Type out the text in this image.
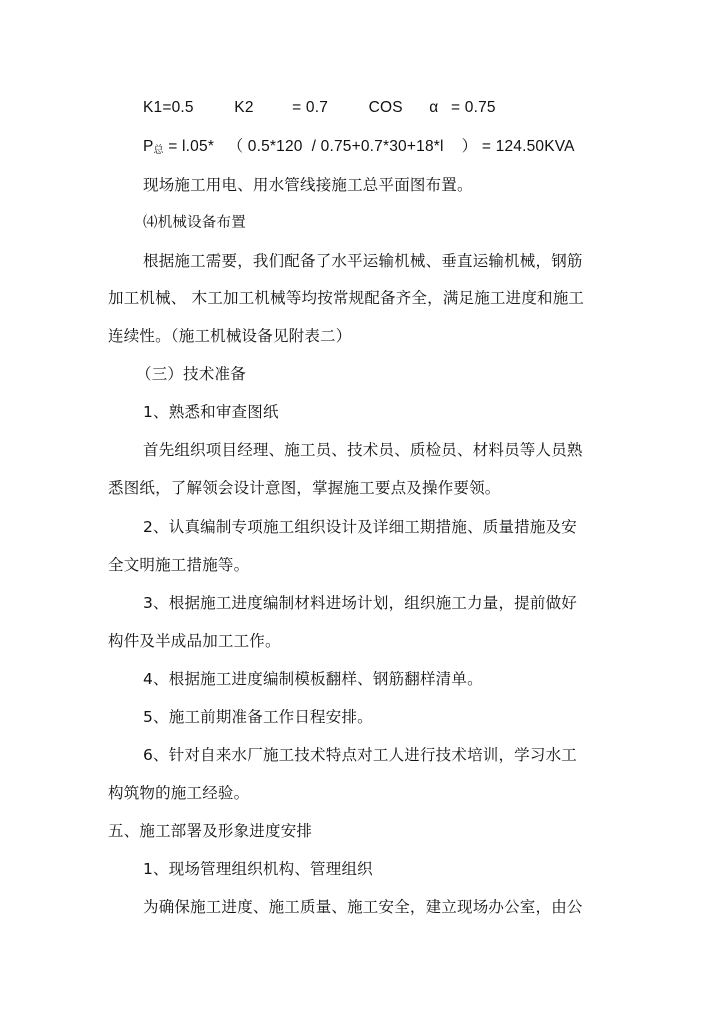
K1=0.5	K2 = 0.7	COS α = 0.75
P总 = l.05*   （ 0.5*120  / 0.75+0.7*30+18*l    ） = 124.50KVA
现场施工用电、用水管线接施工总平面图布置。
⑷机械设备布置
根据施工需要，我们配备了水平运输机械、垂直运输机械，钢筋
加工机械、 木工加工机械等均按常规配备齐全，满足施工进度和施工
连续性。（施工机械设备见附表二）
（三）技术准备
1、熟悉和审查图纸
首先组织项目经理、施工员、技术员、质检员、材料员等人员熟
悉图纸，了解领会设计意图，掌握施工要点及操作要领。
2、认真编制专项施工组织设计及详细工期措施、质量措施及安
全文明施工措施等。
3、根据施工进度编制材料进场计划，组织施工力量，提前做好
构件及半成品加工工作。
4、根据施工进度编制模板翻样、钢筋翻样清单。
5、施工前期准备工作日程安排。
6、针对自来水厂施工技术特点对工人进行技术培训，学习水工
构筑物的施工经验。
五、施工部署及形象进度安排
1、现场管理组织机构、管理组织
为确保施工进度、施工质量、施工安全，建立现场办公室，由公
